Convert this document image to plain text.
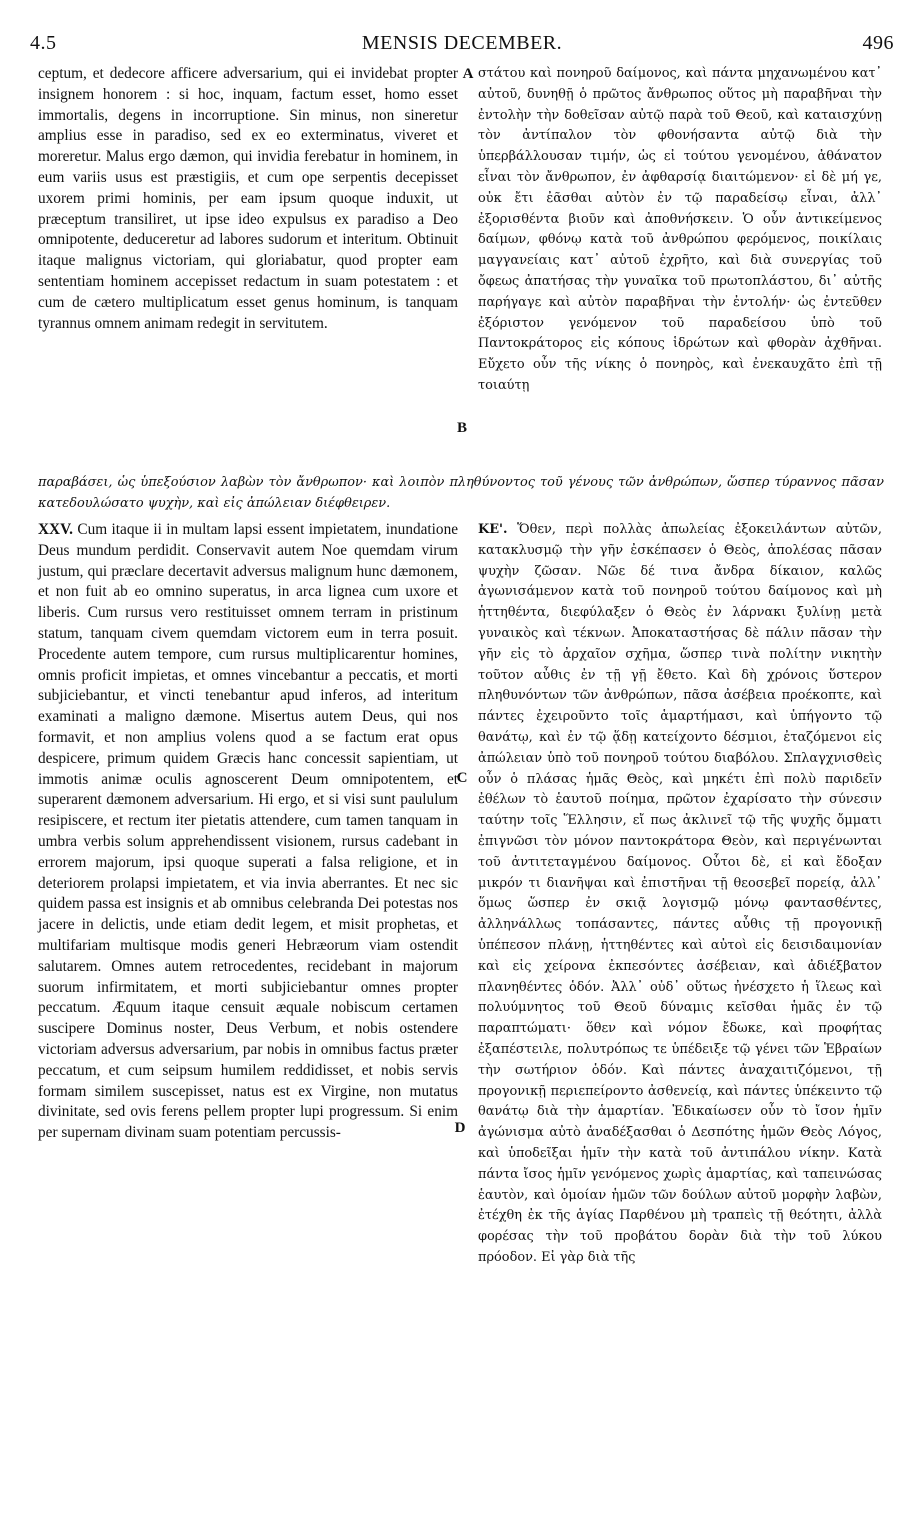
4.5	MENSIS DECEMBER.	496

ceptum, et dedecore afficere adversarium, qui ei invidebat propter insignem honorem : si hoc, inquam, factum esset, homo esset immortalis, degens in incorruptione. Sin minus, non sineretur amplius esse in paradiso, sed ex eo exterminatus, viveret et moreretur. Malus ergo dæmon, qui invidia ferebatur in hominem, in eum variis usus est præstigiis, et cum ope serpentis decepisset uxorem primi hominis, per eam ipsum quoque induxit, ut præceptum transiliret, ut ipse ideo expulsus ex paradiso a Deo omnipotente, deduceretur ad labores sudorum et interitum. Obtinuit itaque malignus victoriam, qui gloriabatur, quod propter eam sententiam hominem accepisset redactum in suam potestatem : et cum de cætero multiplicatum esset genus hominum, is tanquam tyrannus omnem animam redegit in servitutem.

στάτου καὶ πονηροῦ δαίμονος, καὶ πάντα μηχανωμένου κατ᾽ αὐτοῦ, δυνηθῇ ὁ πρῶτος ἄνθρωπος οὕτος μὴ παραβῆναι τὴν ἐντολὴν τὴν δοθεῖσαν αὐτῷ παρὰ τοῦ Θεοῦ, καὶ καταισχύνῃ τὸν ἀντίπαλον τὸν φθονήσαντα αὐτῷ διὰ τὴν ὑπερβάλλουσαν τιμήν, ὡς εἰ τούτου γενομένου, ἀθάνατον εἶναι τὸν ἄνθρωπον, ἐν ἀφθαρσίᾳ διαιτώμενον· εἰ δὲ μή γε, οὐκ ἔτι ἐᾶσθαι αὐτὸν ἐν τῷ παραδείσῳ εἶναι, ἀλλ᾽ ἐξορισθέντα βιοῦν καὶ ἀποθνήσκειν. Ὁ οὖν ἀντικείμενος δαίμων, φθόνῳ κατὰ τοῦ ἀνθρώπου φερόμενος, ποικίλαις μαγγανείαις κατ᾽ αὐτοῦ ἐχρῆτο, καὶ διὰ συνεργίας τοῦ ὄφεως ἀπατήσας τὴν γυναῖκα τοῦ πρωτοπλάστου, δι᾽ αὐτῆς παρήγαγε καὶ αὐτὸν παραβῆναι τὴν ἐντολήν· ὡς ἐντεῦθεν ἐξόριστον γενόμενον τοῦ παραδείσου ὑπὸ τοῦ Παντοκράτορος εἰς κόπους ἱδρώτων καὶ φθορὰν ἀχθῆναι. Εὔχετο οὖν τῆς νίκης ὁ πονηρὸς, καὶ ἐνεκαυχᾶτο ἐπὶ τῇ τοιαύτῃ

παραβάσει, ὡς ὑπεξούσιον λαβὼν τὸν ἄνθρωπον· καὶ λοιπὸν πληθύνοντος τοῦ γένους τῶν ἀνθρώπων, ὥσπερ τύραννος πᾶσαν κατεδουλώσατο ψυχὴν, καὶ εἰς ἀπώλειαν διέφθειρεν.

XXV. Cum itaque ii in multam lapsi essent impietatem, inundatione Deus mundum perdidit. Conservavit autem Noe quemdam virum justum, qui præclare decertavit adversus malignum hunc dæmonem, et non fuit ab eo omnino superatus, in arca lignea cum uxore et liberis. Cum rursus vero restituisset omnem terram in pristinum statum, tanquam civem quemdam victorem eum in terra posuit. Procedente autem tempore, cum rursus multiplicarentur homines, omnis proficit impietas, et omnes vincebantur a peccatis, et morti subjiciebantur, et vincti tenebantur apud inferos, ad interitum examinati a maligno dæmone. Misertus autem Deus, qui nos formavit, et non amplius volens quod a se factum erat opus despicere, primum quidem Græcis hanc concessit sapientiam, ut immotis animæ oculis agnoscerent Deum omnipotentem, et superarent dæmonem adversarium. Hi ergo, et si visi sunt paululum resipiscere, et rectum iter pietatis attendere, cum tamen tanquam in umbra verbis solum apprehendissent visionem, rursus cadebant in errorem majorum, ipsi quoque superati a falsa religione, et in deteriorem prolapsi impietatem, et via invia aberrantes. Et nec sic quidem passa est insignis et ab omnibus celebranda Dei potestas nos jacere in delictis, unde etiam dedit legem, et misit prophetas, et multifariam multisque modis generi Hebræorum viam ostendit salutarem. Omnes autem retrocedentes, recidebant in majorum suorum infirmitatem, et morti subjiciebantur omnes propter peccatum. Æquum itaque censuit æquale nobiscum certamen suscipere Dominus noster, Deus Verbum, et nobis ostendere victoriam adversus adversarium, par nobis in omnibus factus præter peccatum, et cum seipsum humilem reddidisset, et nobis servis formam similem suscepisset, natus est ex Virgine, non mutatus divinitate, sed ovis ferens pellem propter lupi progressum. Si enim per supernam divinam suam potentiam percussis-

ΚΕ'. Ὅθεν, περὶ πολλὰς ἀπωλείας ἐξοκειλάντων αὐτῶν, κατακλυσμῷ τὴν γῆν ἐσκέπασεν ὁ Θεὸς, ἀπολέσας πᾶσαν ψυχὴν ζῶσαν. Νῶε δέ τινα ἄνδρα δίκαιον, καλῶς ἀγωνισάμενον κατὰ τοῦ πονηροῦ τούτου δαίμονος καὶ μὴ ἡττηθέντα, διεφύλαξεν ὁ Θεὸς ἐν λάρνακι ξυλίνῃ μετὰ γυναικὸς καὶ τέκνων. Ἀποκαταστήσας δὲ πάλιν πᾶσαν τὴν γῆν εἰς τὸ ἀρχαῖον σχῆμα, ὥσπερ τινὰ πολίτην νικητὴν τοῦτον αὖθις ἐν τῇ γῇ ἔθετο. Καὶ δὴ χρόνοις ὕστερον πληθυνόντων τῶν ἀνθρώπων, πᾶσα ἀσέβεια προέκοπτε, καὶ πάντες ἐχειροῦντο τοῖς ἁμαρτήμασι, καὶ ὑπήγοντο τῷ θανάτῳ, καὶ ἐν τῷ ᾅδῃ κατείχοντο δέσμιοι, ἐταζόμενοι εἰς ἀπώλειαν ὑπὸ τοῦ πονηροῦ τούτου διαβόλου. Σπλαγχνισθεὶς οὖν ὁ πλάσας ἡμᾶς Θεὸς, καὶ μηκέτι ἐπὶ πολὺ παριδεῖν ἐθέλων τὸ ἑαυτοῦ ποίημα, πρῶτον ἐχαρίσατο τὴν σύνεσιν ταύτην τοῖς Ἕλλησιν, εἴ πως ἀκλινεῖ τῷ τῆς ψυχῆς ὄμματι ἐπιγνῶσι τὸν μόνον παντοκράτορα Θεὸν, καὶ περιγένωνται τοῦ ἀντιτεταγμένου δαίμονος. Οὗτοι δὲ, εἰ καὶ ἔδοξαν μικρόν τι διανῆψαι καὶ ἐπιστῆναι τῇ θεοσεβεῖ πορείᾳ, ἀλλ᾽ ὅμως ὥσπερ ἐν σκιᾷ λογισμῷ μόνῳ φαντασθέντες, ἀλληνάλλως τοπάσαντες, πάντες αὖθις τῇ προγονικῇ ὑπέπεσον πλάνῃ, ἡττηθέντες καὶ αὐτοὶ εἰς δεισιδαιμονίαν καὶ εἰς χείρονα ἐκπεσόντες ἀσέβειαν, καὶ ἀδιέξβατον πλανηθέντες ὁδόν. Ἀλλ᾽ οὐδ᾽ οὕτως ἠνέσχετο ἡ ἵλεως καὶ πολυύμνητος τοῦ Θεοῦ δύναμις κεῖσθαι ἡμᾶς ἐν τῷ παραπτώματι· ὅθεν καὶ νόμον ἔδωκε, καὶ προφήτας ἐξαπέστειλε, πολυτρόπως τε ὑπέδειξε τῷ γένει τῶν Ἑβραίων τὴν σωτήριον ὁδόν. Καὶ πάντες ἀναχαιτιζόμενοι, τῇ προγονικῇ περιεπείροντο ἀσθενείᾳ, καὶ πάντες ὑπέκειντο τῷ θανάτῳ διὰ τὴν ἁμαρτίαν. Ἐδικαίωσεν οὖν τὸ ἴσον ἡμῖν ἀγώνισμα αὐτὸ ἀναδέξασθαι ὁ Δεσπότης ἡμῶν Θεὸς Λόγος, καὶ ὑποδεῖξαι ἡμῖν τὴν κατὰ τοῦ ἀντιπάλου νίκην. Κατὰ πάντα ἴσος ἡμῖν γενόμενος χωρὶς ἁμαρτίας, καὶ ταπεινώσας ἑαυτὸν, καὶ ὁμοίαν ἡμῶν τῶν δούλων αὐτοῦ μορφὴν λαβὼν, ἐτέχθη ἐκ τῆς ἁγίας Παρθένου μὴ τραπεὶς τῇ θεότητι, ἀλλὰ φορέσας τὴν τοῦ προβάτου δορὰν διὰ τὴν τοῦ λύκου πρόοδον. Εἰ γὰρ διὰ τῆς

A
B
C
D
